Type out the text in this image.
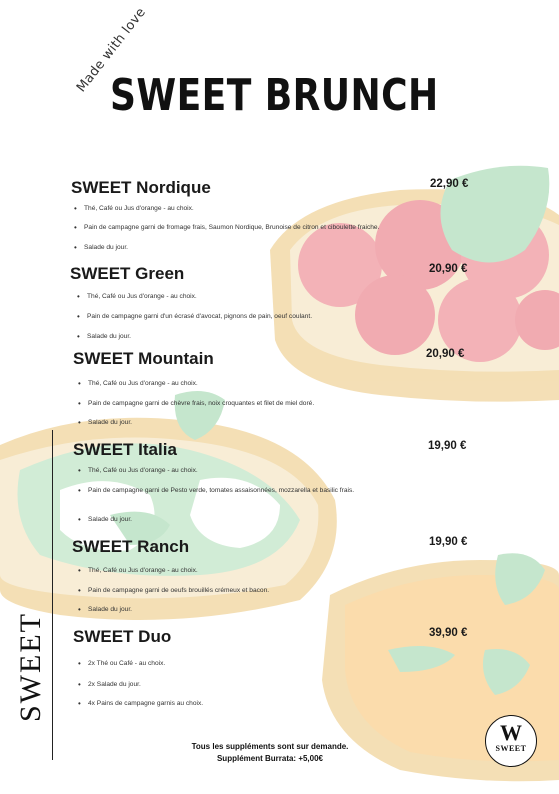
Made with love
SWEET BRUNCH
SWEET Nordique	22,90 €
• Thé, Café ou Jus d'orange - au choix.
• Pain de campagne garni de fromage frais, Saumon Nordique, Brunoise de citron et ciboulette fraiche.
• Salade du jour.
SWEET Green	20,90 €
• Thé, Café ou Jus d'orange - au choix.
• Pain de campagne garni d'un écrasé d'avocat, pignons de pain, oeuf coulant.
• Salade du jour.
SWEET Mountain	20,90 €
• Thé, Café ou Jus d'orange - au choix.
• Pain de campagne garni de chèvre frais, noix croquantes et filet de miel doré.
• Salade du jour.
SWEET Italia	19,90 €
• Thé, Café ou Jus d'orange - au choix.
• Pain de campagne garni de Pesto verde, tomates assaisonnées, mozzarella et basilic frais.
• Salade du jour.
SWEET Ranch	19,90 €
• Thé, Café ou Jus d'orange - au choix.
• Pain de campagne garni de oeufs brouillés crémeux et bacon.
• Salade du jour.
SWEET Duo	39,90 €
• 2x Thé ou Café - au choix.
• 2x Salade du jour.
• 4x Pains de campagne garnis au choix.
SWEET
Tous les suppléments sont sur demande.
Supplément Burrata: +5,00€
W
SWEET
